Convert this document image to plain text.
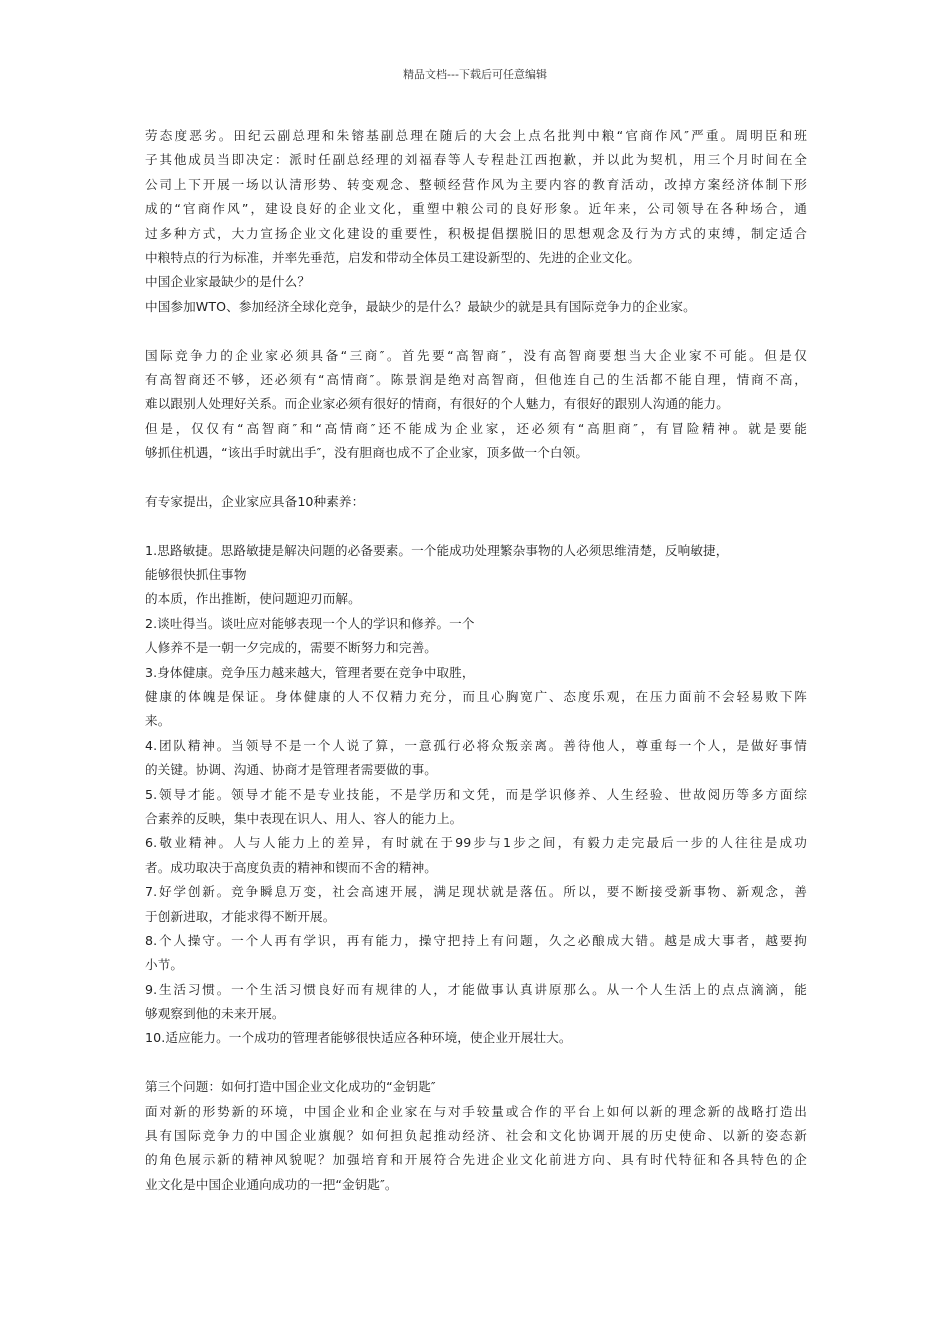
精品文档---下载后可任意编辑
劳态度恶劣。田纪云副总理和朱镕基副总理在随后的大会上点名批判中粮“官商作风″严重。周明臣和班
子其他成员当即决定：派时任副总经理的刘福春等人专程赴江西抱歉，并以此为契机，用三个月时间在全
公司上下开展一场以认清形势、转变观念、整顿经营作风为主要内容的教育活动，改掉方案经济体制下形
成的“官商作风”，建设良好的企业文化，重塑中粮公司的良好形象。近年来，公司领导在各种场合，通
过多种方式，大力宣扬企业文化建设的重要性，积极提倡摆脱旧的思想观念及行为方式的束缚，制定适合
中粮特点的行为标准，并率先垂范，启发和带动全体员工建设新型的、先进的企业文化。
中国企业家最缺少的是什么？
中国参加WTO、参加经济全球化竞争，最缺少的是什么？最缺少的就是具有国际竞争力的企业家。
国际竞争力的企业家必须具备“三商″。首先要“高智商″，没有高智商要想当大企业家不可能。但是仅
有高智商还不够，还必须有“高情商″。陈景润是绝对高智商，但他连自己的生活都不能自理，情商不高，
难以跟别人处理好关系。而企业家必须有很好的情商，有很好的个人魅力，有很好的跟别人沟通的能力。
但是，仅仅有“高智商″和“高情商″还不能成为企业家，还必须有“高胆商″，有冒险精神。就是要能
够抓住机遇，“该出手时就出手″，没有胆商也成不了企业家，顶多做一个白领。
有专家提出，企业家应具备10种素养：
1.思路敏捷。思路敏捷是解决问题的必备要素。一个能成功处理繁杂事物的人必须思维清楚，反响敏捷，
能够很快抓住事物
的本质，作出推断，使问题迎刃而解。
2.谈吐得当。谈吐应对能够表现一个人的学识和修养。一个
人修养不是一朝一夕完成的，需要不断努力和完善。
3.身体健康。竞争压力越来越大，管理者要在竞争中取胜，
健康的体魄是保证。身体健康的人不仅精力充分，而且心胸宽广、态度乐观，在压力面前不会轻易败下阵
来。
4.团队精神。当领导不是一个人说了算，一意孤行必将众叛亲离。善待他人，尊重每一个人，是做好事情
的关键。协调、沟通、协商才是管理者需要做的事。
5.领导才能。领导才能不是专业技能，不是学历和文凭，而是学识修养、人生经验、世故阅历等多方面综
合素养的反映，集中表现在识人、用人、容人的能力上。
6.敬业精神。人与人能力上的差异，有时就在于99步与1步之间，有毅力走完最后一步的人往往是成功
者。成功取决于高度负责的精神和锲而不舍的精神。
7.好学创新。竞争瞬息万变，社会高速开展，满足现状就是落伍。所以，要不断接受新事物、新观念，善
于创新进取，才能求得不断开展。
8.个人操守。一个人再有学识，再有能力，操守把持上有问题，久之必酿成大错。越是成大事者，越要拘
小节。
9.生活习惯。一个生活习惯良好而有规律的人，才能做事认真讲原那么。从一个人生活上的点点滴滴，能
够观察到他的未来开展。
10.适应能力。一个成功的管理者能够很快适应各种环境，使企业开展壮大。
第三个问题：如何打造中国企业文化成功的“金钥匙″
面对新的形势新的环境，中国企业和企业家在与对手较量或合作的平台上如何以新的理念新的战略打造出
具有国际竞争力的中国企业旗舰？如何担负起推动经济、社会和文化协调开展的历史使命、以新的姿态新
的角色展示新的精神风貌呢？加强培育和开展符合先进企业文化前进方向、具有时代特征和各具特色的企
业文化是中国企业通向成功的一把“金钥匙″。
